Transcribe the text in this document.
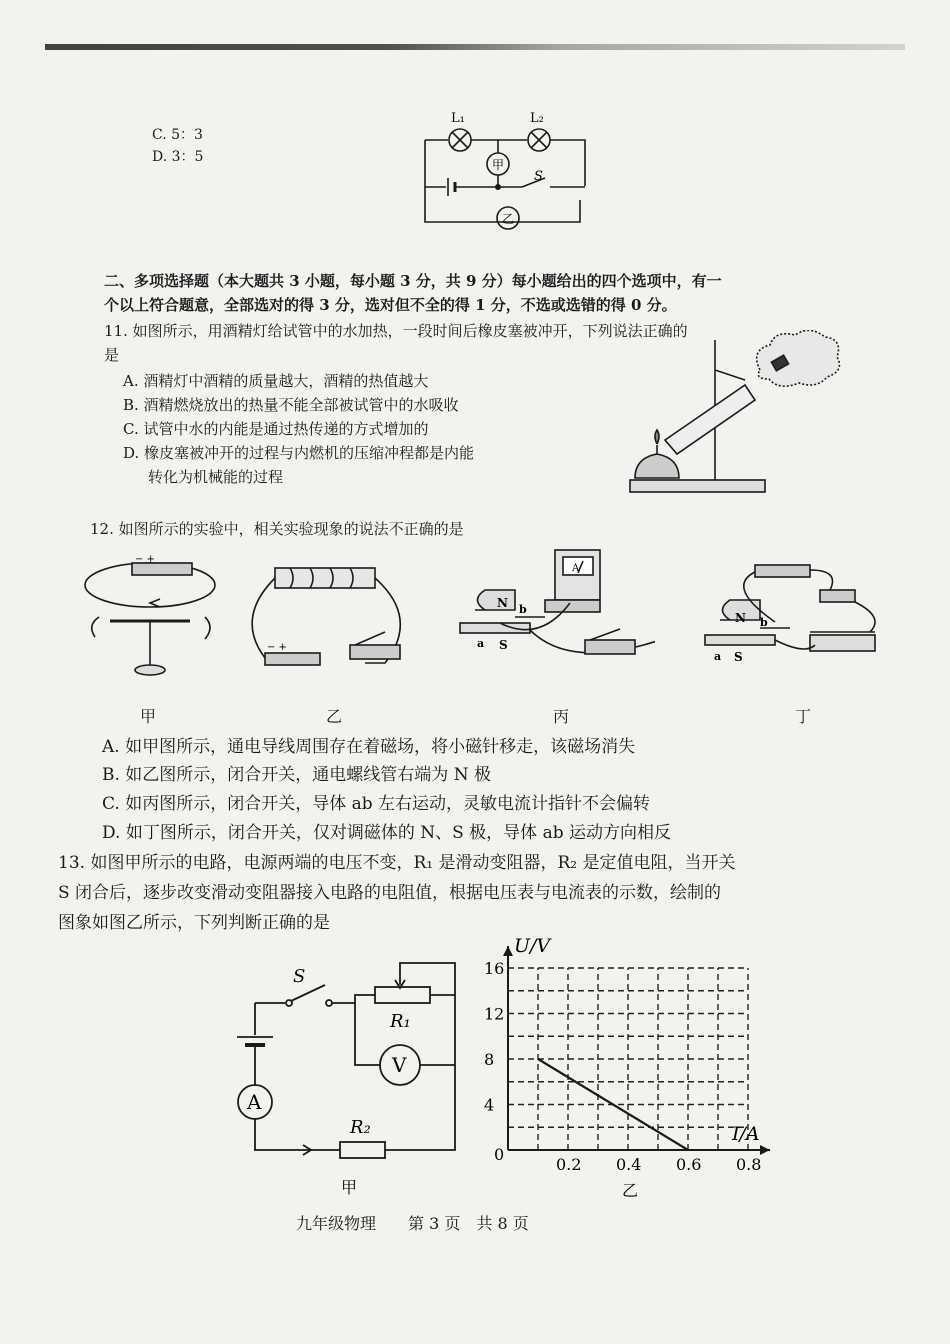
C. 5：3
D. 3：5
L₁	L₂
甲
乙
S
二、多项选择题（本大题共 3 小题，每小题 3 分，共 9 分）每小题给出的四个选项中，有一
个以上符合题意，全部选对的得 3 分，选对但不全的得 1 分，不选或选错的得 0 分。
11. 如图所示，用酒精灯给试管中的水加热，一段时间后橡皮塞被冲开，下列说法正确的
是
A. 酒精灯中酒精的质量越大，酒精的热值越大
B. 酒精燃烧放出的热量不能全部被试管中的水吸收
C. 试管中水的内能是通过热传递的方式增加的
D. 橡皮塞被冲开的过程与内燃机的压缩冲程都是内能
转化为机械能的过程
12. 如图所示的实验中，相关实验现象的说法不正确的是
− +
− +
A
N b
a S
N b
a S
甲	乙	丙	丁
A. 如甲图所示，通电导线周围存在着磁场，将小磁针移走，该磁场消失
B. 如乙图所示，闭合开关，通电螺线管右端为 N 极
C. 如丙图所示，闭合开关，导体 ab 左右运动，灵敏电流计指针不会偏转
D. 如丁图所示，闭合开关，仅对调磁体的 N、S 极，导体 ab 运动方向相反
13. 如图甲所示的电路，电源两端的电压不变，R₁ 是滑动变阻器，R₂ 是定值电阻，当开关
S 闭合后，逐步改变滑动变阻器接入电路的电阻值，根据电压表与电流表的示数，绘制的
图象如图乙所示，下列判断正确的是
S
R₁
V
A
R₂
甲
0.2 0.4 0.6 0.8
4
8
12
16
U/V
I/A
0
乙
九年级物理　　第 3 页　共 8 页
